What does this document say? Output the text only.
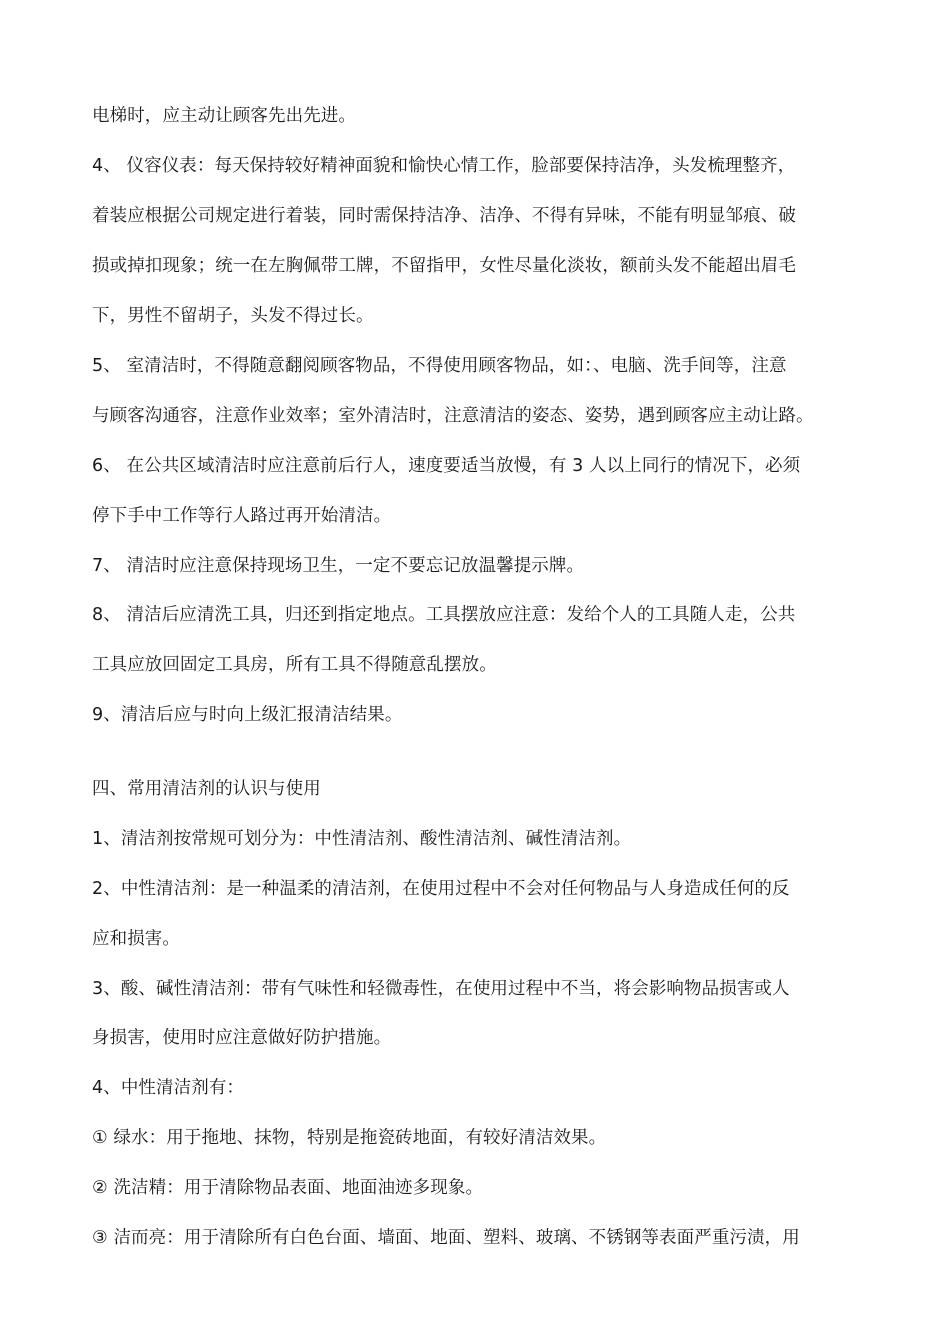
电梯时，应主动让顾客先出先进。
4、 仪容仪表：每天保持较好精神面貌和愉快心情工作，脸部要保持洁净，头发梳理整齐，
着装应根据公司规定进行着装，同时需保持洁净、洁净、不得有异味，不能有明显邹痕、破
损或掉扣现象；统一在左胸佩带工牌，不留指甲，女性尽量化淡妆，额前头发不能超出眉毛
下，男性不留胡子，头发不得过长。
5、 室清洁时，不得随意翻阅顾客物品，不得使用顾客物品，如：、电脑、洗手间等，注意
与顾客沟通容，注意作业效率；室外清洁时，注意清洁的姿态、姿势，遇到顾客应主动让路。
6、 在公共区域清洁时应注意前后行人，速度要适当放慢，有 3 人以上同行的情况下，必须
停下手中工作等行人路过再开始清洁。
7、 清洁时应注意保持现场卫生，一定不要忘记放温馨提示牌。
8、 清洁后应清洗工具，归还到指定地点。工具摆放应注意：发给个人的工具随人走，公共
工具应放回固定工具房，所有工具不得随意乱摆放。
9、清洁后应与时向上级汇报清洁结果。
四、常用清洁剂的认识与使用
1、清洁剂按常规可划分为：中性清洁剂、酸性清洁剂、碱性清洁剂。
2、中性清洁剂：是一种温柔的清洁剂，在使用过程中不会对任何物品与人身造成任何的反
应和损害。
3、酸、碱性清洁剂：带有气味性和轻微毒性，在使用过程中不当，将会影响物品损害或人
身损害，使用时应注意做好防护措施。
4、中性清洁剂有：
① 绿水：用于拖地、抹物，特别是拖瓷砖地面，有较好清洁效果。
② 洗洁精：用于清除物品表面、地面油迹多现象。
③ 洁而亮：用于清除所有白色台面、墙面、地面、塑料、玻璃、不锈钢等表面严重污渍，用
